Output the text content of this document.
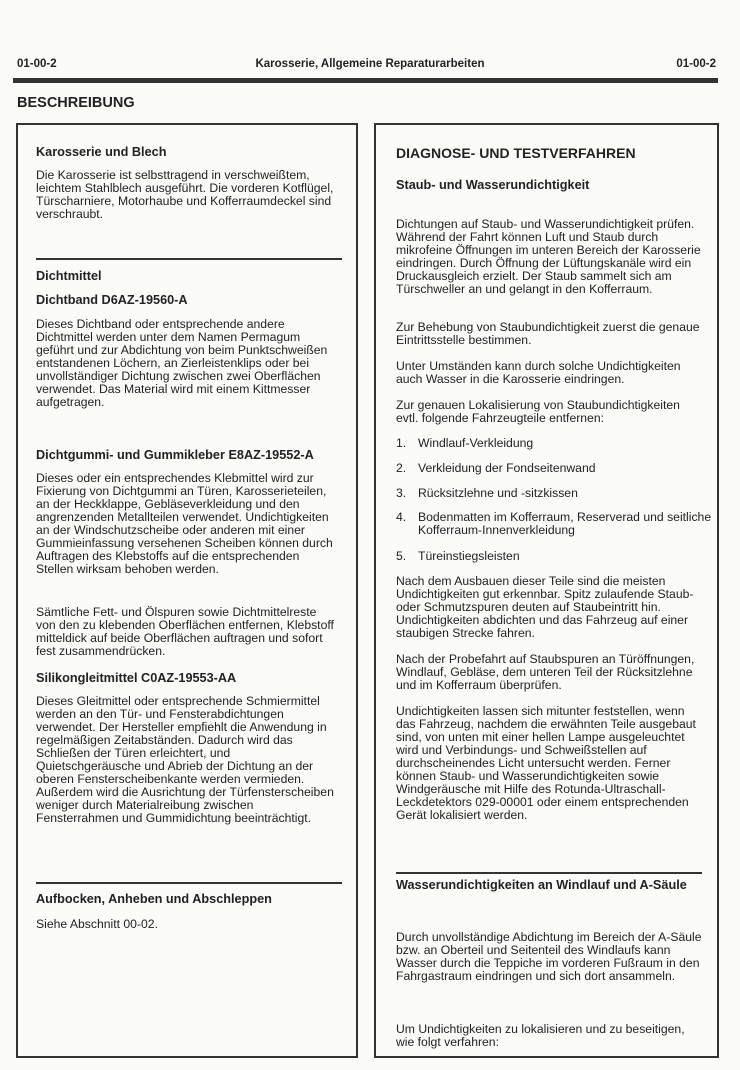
01-00-2	Karosserie, Allgemeine Reparaturarbeiten	01-00-2
BESCHREIBUNG
Karosserie und Blech
Die Karosserie ist selbsttragend in verschweißtem, leichtem Stahlblech ausgeführt. Die vorderen Kotflügel, Türscharniere, Motorhaube und Kofferraumdeckel sind verschraubt.
Dichtmittel
Dichtband D6AZ-19560-A
Dieses Dichtband oder entsprechende andere Dichtmittel werden unter dem Namen Permagum geführt und zur Abdichtung von beim Punktschweißen entstandenen Löchern, an Zierleistenklips oder bei unvollständiger Dichtung zwischen zwei Oberflächen verwendet. Das Material wird mit einem Kittmesser aufgetragen.
Dichtgummi- und Gummikleber E8AZ-19552-A
Dieses oder ein entsprechendes Klebmittel wird zur Fixierung von Dichtgummi an Türen, Karosserieteilen, an der Heckklappe, Gebläseverkleidung und den angrenzenden Metallteilen verwendet. Undichtigkeiten an der Windschutzscheibe oder anderen mit einer Gummieinfassung versehenen Scheiben können durch Auftragen des Klebstoffs auf die entsprechenden Stellen wirksam behoben werden.
Sämtliche Fett- und Ölspuren sowie Dichtmittelreste von den zu klebenden Oberflächen entfernen, Klebstoff mitteldick auf beide Oberflächen auftragen und sofort fest zusammendrücken.
Silikongleitmittel C0AZ-19553-AA
Dieses Gleitmittel oder entsprechende Schmiermittel werden an den Tür- und Fensterabdichtungen verwendet. Der Hersteller empfiehlt die Anwendung in regelmäßigen Zeitabständen. Dadurch wird das Schließen der Türen erleichtert, und Quietschgeräusche und Abrieb der Dichtung an der oberen Fensterscheibenkante werden vermieden. Außerdem wird die Ausrichtung der Türfensterscheiben weniger durch Materialreibung zwischen Fensterrahmen und Gummidichtung beeinträchtigt.
Aufbocken, Anheben und Abschleppen
Siehe Abschnitt 00-02.
DIAGNOSE- UND TESTVERFAHREN
Staub- und Wasserundichtigkeit
Dichtungen auf Staub- und Wasserundichtigkeit prüfen. Während der Fahrt können Luft und Staub durch mikrofeine Öffnungen im unteren Bereich der Karosserie eindringen. Durch Öffnung der Lüftungskanäle wird ein Druckausgleich erzielt. Der Staub sammelt sich am Türschweller an und gelangt in den Kofferraum.
Zur Behebung von Staubundichtigkeit zuerst die genaue Eintrittsstelle bestimmen.
Unter Umständen kann durch solche Undichtigkeiten auch Wasser in die Karosserie eindringen.
Zur genauen Lokalisierung von Staubundichtigkeiten evtl. folgende Fahrzeugteile entfernen:
1. Windlauf-Verkleidung
2. Verkleidung der Fondseitenwand
3. Rücksitzlehne und -sitzkissen
4. Bodenmatten im Kofferraum, Reserverad und seitliche Kofferraum-Innenverkleidung
5. Türeinstiegsleisten
Nach dem Ausbauen dieser Teile sind die meisten Undichtigkeiten gut erkennbar. Spitz zulaufende Staub- oder Schmutzspuren deuten auf Staubeintritt hin. Undichtigkeiten abdichten und das Fahrzeug auf einer staubigen Strecke fahren.
Nach der Probefahrt auf Staubspuren an Türöffnungen, Windlauf, Gebläse, dem unteren Teil der Rücksitzlehne und im Kofferraum überprüfen.
Undichtigkeiten lassen sich mitunter feststellen, wenn das Fahrzeug, nachdem die erwähnten Teile ausgebaut sind, von unten mit einer hellen Lampe ausgeleuchtet wird und Verbindungs- und Schweißstellen auf durchscheinendes Licht untersucht werden. Ferner können Staub- und Wasserundichtigkeiten sowie Windgeräusche mit Hilfe des Rotunda-Ultraschall-Leckdetektors 029-00001 oder einem entsprechenden Gerät lokalisiert werden.
Wasserundichtigkeiten an Windlauf und A-Säule
Durch unvollständige Abdichtung im Bereich der A-Säule bzw. an Oberteil und Seitenteil des Windlaufs kann Wasser durch die Teppiche im vorderen Fußraum in den Fahrgastraum eindringen und sich dort ansammeln.
Um Undichtigkeiten zu lokalisieren und zu beseitigen, wie folgt verfahren:
